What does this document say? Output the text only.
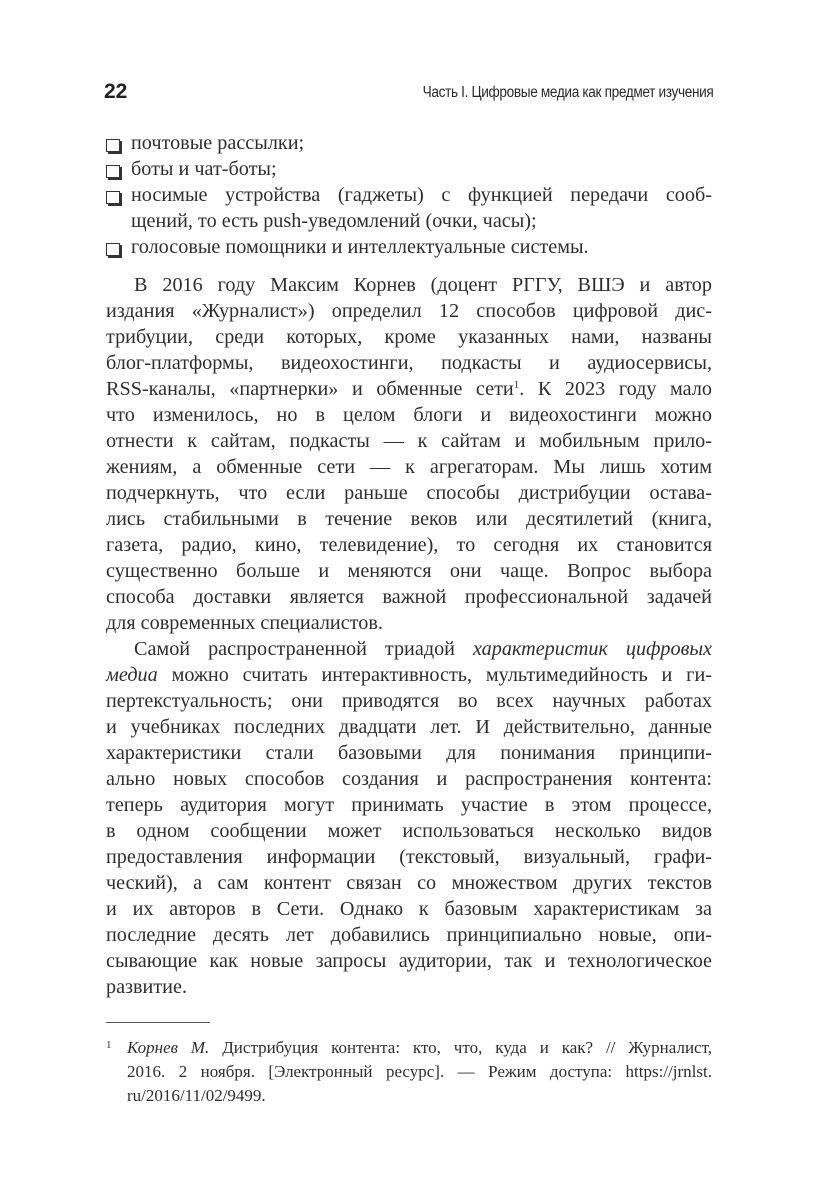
22	Часть I. Цифровые медиа как предмет изучения
почтовые рассылки;
боты и чат-боты;
носимые устройства (гаджеты) с функцией передачи сооб-
щений, то есть push-уведомлений (очки, часы);
голосовые помощники и интеллектуальные системы.
В 2016 году Максим Корнев (доцент РГГУ, ВШЭ и автор
издания «Журналист») определил 12 способов цифровой дис-
трибуции, среди которых, кроме указанных нами, названы
блог-платформы, видеохостинги, подкасты и аудиосервисы,
RSS-каналы, «партнерки» и обменные сети$^1$. К 2023 году мало
что изменилось, но в целом блоги и видеохостинги можно
отнести к сайтам, подкасты — к сайтам и мобильным прило-
жениям, а обменные сети — к агрегаторам. Мы лишь хотим
подчеркнуть, что если раньше способы дистрибуции остава-
лись стабильными в течение веков или десятилетий (книга,
газета, радио, кино, телевидение), то сегодня их становится
существенно больше и меняются они чаще. Вопрос выбора
способа доставки является важной профессиональной задачей
для современных специалистов.
Самой распространенной триадой характеристик цифровых
медиа можно считать интерактивность, мультимедийность и ги-
пертекстуальность; они приводятся во всех научных работах
и учебниках последних двадцати лет. И действительно, данные
характеристики стали базовыми для понимания принципи-
ально новых способов создания и распространения контента:
теперь аудитория могут принимать участие в этом процессе,
в одном сообщении может использоваться несколько видов
предоставления информации (текстовый, визуальный, графи-
ческий), а сам контент связан со множеством других текстов
и их авторов в Сети. Однако к базовым характеристикам за
последние десять лет добавились принципиально новые, опи-
сывающие как новые запросы аудитории, так и технологическое
развитие.
1 Корнев М. Дистрибуция контента: кто, что, куда и как? // Журналист,
2016. 2 ноября. [Электронный ресурс]. — Режим доступа: https://jrnlst.
ru/2016/11/02/9499.
